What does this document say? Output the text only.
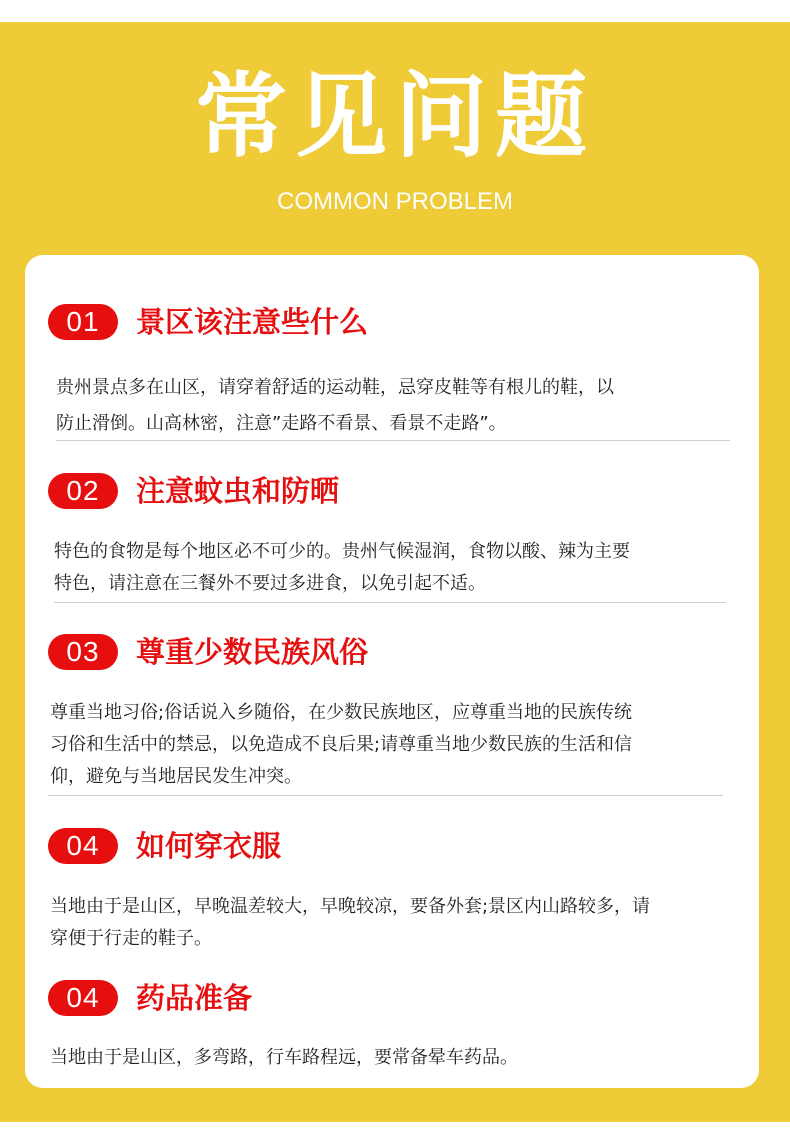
常见问题
COMMON PROBLEM
01	景区该注意些什么
贵州景点多在山区，请穿着舒适的运动鞋，忌穿皮鞋等有根儿的鞋，以
防止滑倒。山高林密，注意”走路不看景、看景不走路”。
02	注意蚊虫和防晒
特色的食物是每个地区必不可少的。贵州气候湿润，食物以酸、辣为主要
特色，请注意在三餐外不要过多进食，以免引起不适。
03	尊重少数民族风俗
尊重当地习俗;俗话说入乡随俗，在少数民族地区，应尊重当地的民族传统
习俗和生活中的禁忌，以免造成不良后果;请尊重当地少数民族的生活和信
仰，避免与当地居民发生冲突。
04	如何穿衣服
当地由于是山区，早晚温差较大，早晚较凉，要备外套;景区内山路较多，请
穿便于行走的鞋子。
04	药品准备
当地由于是山区，多弯路，行车路程远，要常备晕车药品。
